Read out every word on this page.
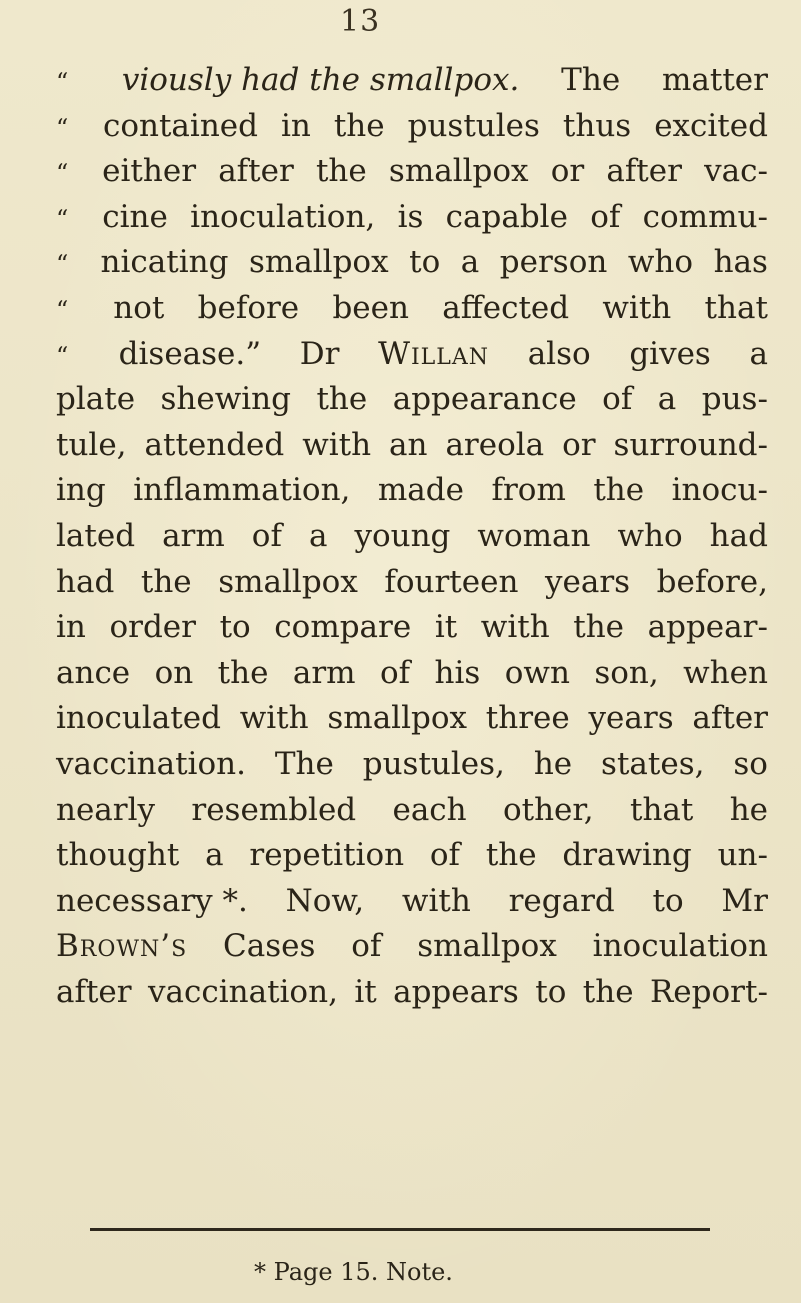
13
“	viously had the smallpox. The matter
“	contained in the pustules thus excited
“	either after the smallpox or after vac-
“	cine inoculation, is capable of commu-
“	nicating smallpox to a person who has
“	not before been affected with that
“	disease.” Dr Willan also gives a
plate shewing the appearance of a pus-
tule, attended with an areola or surround-
ing inflammation, made from the inocu-
lated arm of a young woman who had
had the smallpox fourteen years before,
in order to compare it with the appear-
ance on the arm of his own son, when
inoculated with smallpox three years after
vaccination. The pustules, he states, so
nearly resembled each other, that he
thought a repetition of the drawing un-
necessary *. Now, with regard to Mr
Brown’s Cases of smallpox inoculation
after vaccination, it appears to the Report-
* Page 15. Note.
